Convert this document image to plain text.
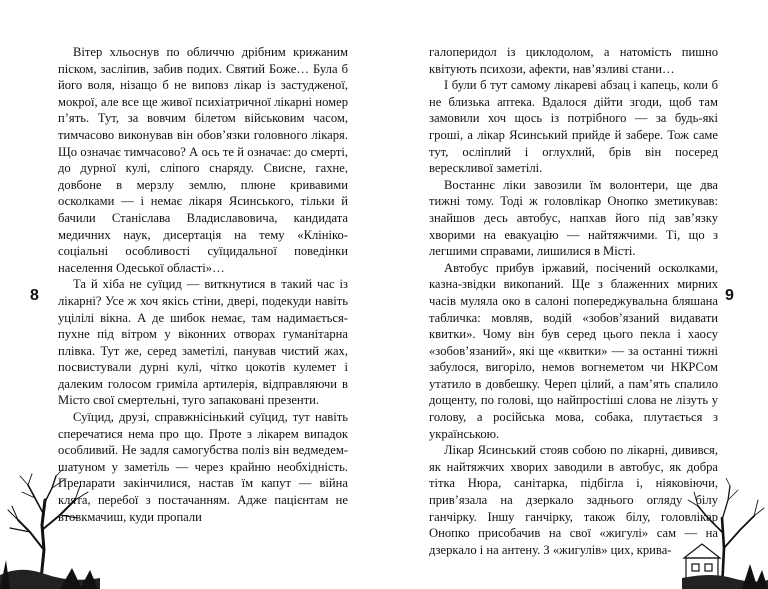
Вітер хльоснув по обличчю дрібним крижаним піском, засліпив, забив подих. Святий Боже… Була б його воля, нізащо б не виповз лікар із застудженої, мокрої, але все ще живої психіатричної лікарні номер п’ять. Тут, за вовчим білетом військовим часом, тимчасово виконував він обов’язки головного лікаря. Що означає тимчасово? А ось те й означає: до смерті, до дурної кулі, сліпого снаряду. Свисне, гахне, довбоне в мерзлу землю, плюне кривавими осколками — і немає лікаря Ясинського, тільки й бачили Станіслава Владиславовича, кандидата медичних наук, дисертація на тему «Клініко-соціальні особливості суїцидальної поведінки населення Одеської області»…

Та й хіба не суїцид — виткнутися в такий час із лікарні? Усе ж хоч якісь стіни, двері, подекуди навіть уцілілі вікна. А де шибок немає, там надимається-пухне під вітром у віконних отворах гуманітарна плівка. Тут же, серед заметілі, панував чистий жах, посвистували дурні кулі, чітко цокотів кулемет і далеким голосом гриміла артилерія, відправляючи в Місто свої смертельні, туго запаковані презенти.

Суїцид, друзі, справжнісінький суїцид, тут навіть сперечатися нема про що. Проте з лікарем випадок особливий. Не задля самогубства поліз він ведмедем-шатуном у заметіль — через крайню необхідність. Препарати закінчилися, настав їм капут — війна клята, перебої з постачанням. Адже пацієнтам не втовкмачиш, куди пропали

8

галоперидол із циклодолом, а натомість пишно квітують психози, афекти, нав’язливі стани…

І були б тут самому лікареві абзац і капець, коли б не близька аптека. Вдалося дійти згоди, щоб там замовили хоч щось із потрібного — за будь-які гроші, а лікар Ясинський прийде й забере. Тож саме тут, осліплий і оглухлий, брів він посеред верескливої заметілі.

Востаннє ліки завозили їм волонтери, ще два тижні тому. Тоді ж головлікар Онопко зметикував: знайшов десь автобус, напхав його під зав’язку хворими на евакуацію — найтяжчими. Ті, що з легшими справами, лишилися в Місті.

Автобус прибув іржавий, посічений осколками, казна-звідки викопаний. Ще з блаженних мирних часів муляла око в салоні попереджувальна бляшана табличка: мовляв, водій «зобов’язаний видавати квитки». Чому він був серед цього пекла і хаосу «зобов’язаний», які ще «квитки» — за останні тижні забулося, вигоріло, немов вогнеметом чи НКРСом утатило в довбешку. Череп цілий, а пам’ять спалило дощенту, по голові, що найпростіші слова не лізуть у голову, а російська мова, собака, плутається з українською.

Лікар Ясинський стояв собою по лікарні, дивився, як найтяжчих хворих заводили в автобус, як добра тітка Нюра, санітарка, підбігла і, ніяковіючи, прив’язала на дзеркало заднього огляду білу ганчірку. Іншу ганчірку, також білу, головлікар Онопко присобачив на свої «жигулі» сам — на дзеркало і на антену. З «жигулів» цих, крива-

9
